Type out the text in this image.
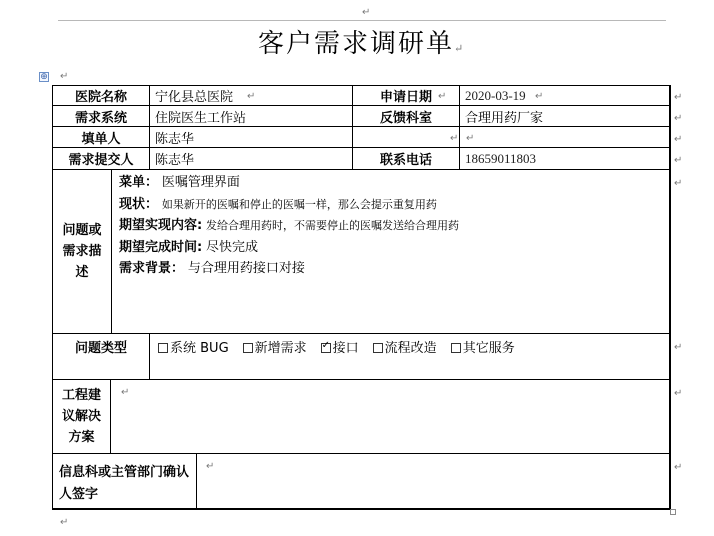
↵
客户需求调研单↵
⊕ ↵
医院名称 宁化县总医院	申请日期	2020-03-19
需求系统 住院医生工作站	反馈科室	合理用药厂家
填单人	陈志华
需求提交人 陈志华	联系电话	18659011803
问题或需求描述
菜单： 医嘱管理界面
现状： 如果新开的医嘱和停止的医嘱一样，那么会提示重复用药
期望实现内容: 发给合理用药时，不需要停止的医嘱发送给合理用药
期望完成时间: 尽快完成
需求背景： 与合理用药接口对接
问题类型	系统 BUG	新增需求
✓	接口	流程改造	其它服务
工程建议解决方案
信息科或主管部门确认人签字
↵	↵	↵
↵ ↵
↵
↵
↵
↵
↵
↵
↵
↵
↵
↵
↵
